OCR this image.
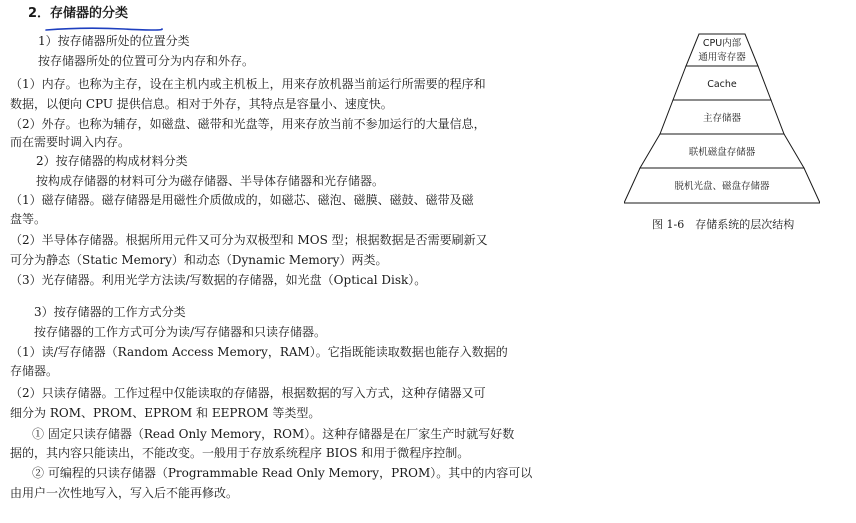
2．存储器的分类
1）按存储器所处的位置分类
按存储器所处的位置可分为内存和外存。
（1）内存。也称为主存，设在主机内或主机板上，用来存放机器当前运行所需要的程序和
数据，以便向 CPU 提供信息。相对于外存，其特点是容量小、速度快。
（2）外存。也称为辅存，如磁盘、磁带和光盘等，用来存放当前不参加运行的大量信息，
而在需要时调入内存。
2）按存储器的构成材料分类
按构成存储器的材料可分为磁存储器、半导体存储器和光存储器。
（1）磁存储器。磁存储器是用磁性介质做成的，如磁芯、磁泡、磁膜、磁鼓、磁带及磁
盘等。
（2）半导体存储器。根据所用元件又可分为双极型和 MOS 型；根据数据是否需要刷新又
可分为静态（Static Memory）和动态（Dynamic Memory）两类。
（3）光存储器。利用光学方法读/写数据的存储器，如光盘（Optical Disk）。
3）按存储器的工作方式分类
按存储器的工作方式可分为读/写存储器和只读存储器。
（1）读/写存储器（Random Access Memory，RAM）。它指既能读取数据也能存入数据的
存储器。
（2）只读存储器。工作过程中仅能读取的存储器，根据数据的写入方式，这种存储器又可
细分为 ROM、PROM、EPROM 和 EEPROM 等类型。
① 固定只读存储器（Read Only Memory，ROM）。这种存储器是在厂家生产时就写好数
据的，其内容只能读出，不能改变。一般用于存放系统程序 BIOS 和用于微程序控制。
② 可编程的只读存储器（Programmable Read Only Memory，PROM）。其中的内容可以
由用户一次性地写入，写入后不能再修改。
CPU内部
通用寄存器
Cache
主存储器
联机磁盘存储器
脱机光盘、磁盘存储器
图 1-6　存储系统的层次结构
